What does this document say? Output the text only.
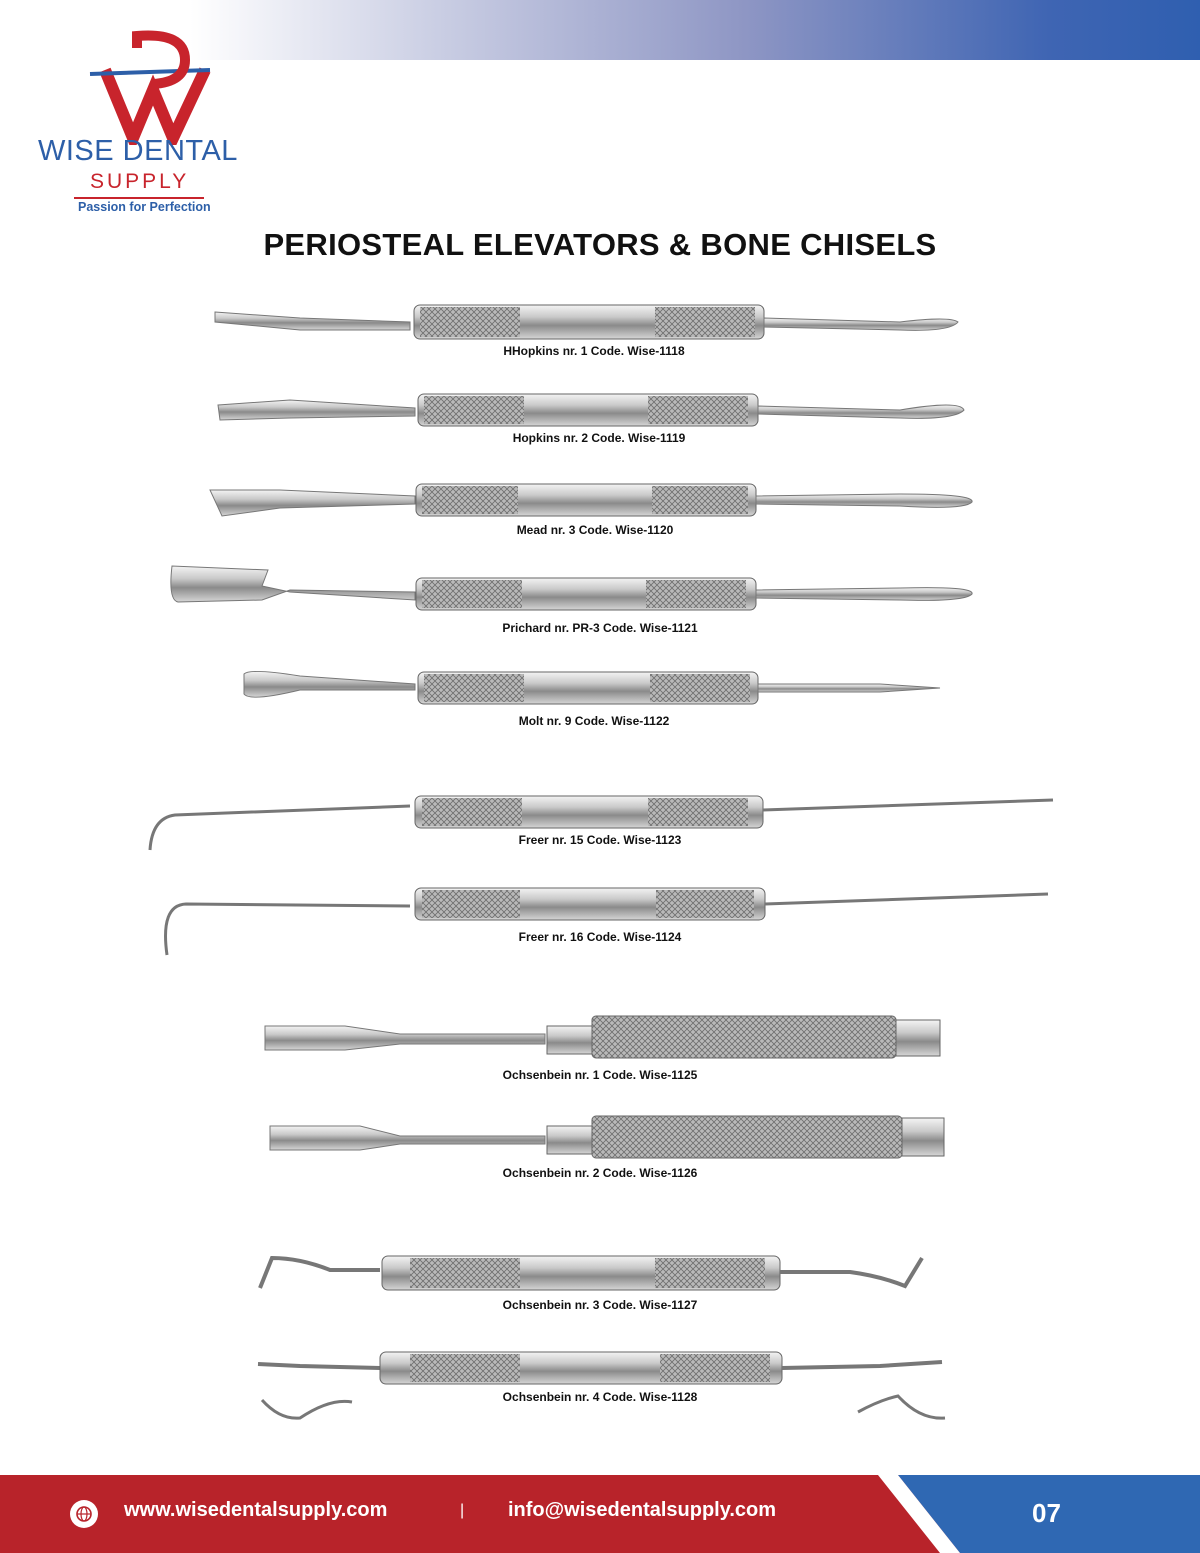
WISE DENTAL
SUPPLY
Passion for Perfection
PERIOSTEAL ELEVATORS & BONE CHISELS
HHopkins nr. 1 Code. Wise-1118
Hopkins nr. 2 Code. Wise-1119
Mead nr. 3 Code. Wise-1120
Prichard nr. PR-3 Code. Wise-1121
Molt nr. 9 Code. Wise-1122
Freer nr. 15 Code. Wise-1123
Freer nr. 16 Code. Wise-1124
Ochsenbein nr. 1 Code. Wise-1125
Ochsenbein nr. 2 Code. Wise-1126
Ochsenbein nr. 3 Code. Wise-1127
Ochsenbein nr. 4 Code. Wise-1128
www.wisedentalsupply.com	| info@wisedentalsupply.com	07
